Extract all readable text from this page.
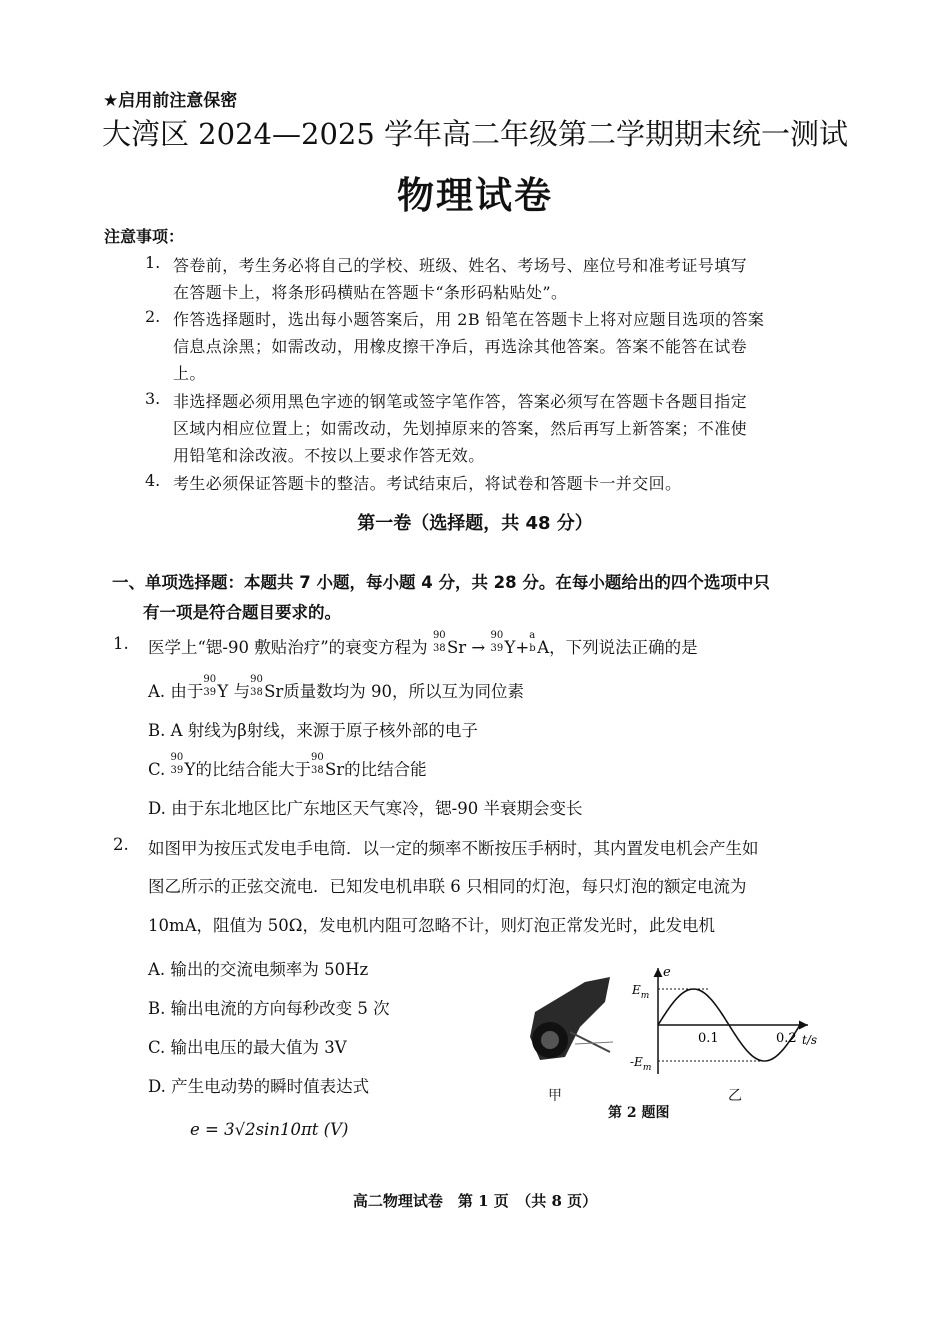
★启用前注意保密
大湾区 2024—2025 学年高二年级第二学期期末统一测试
物理试卷
注意事项：
1. 答卷前，考生务必将自己的学校、班级、姓名、考场号、座位号和准考证号填写
在答题卡上，将条形码横贴在答题卡“条形码粘贴处”。
2. 作答选择题时，选出每小题答案后，用 2B 铅笔在答题卡上将对应题目选项的答案
信息点涂黑；如需改动，用橡皮擦干净后，再选涂其他答案。答案不能答在试卷
上。
3. 非选择题必须用黑色字迹的钢笔或签字笔作答，答案必须写在答题卡各题目指定
区域内相应位置上；如需改动，先划掉原来的答案，然后再写上新答案；不准使
用铅笔和涂改液。不按以上要求作答无效。
4. 考生必须保证答题卡的整洁。考试结束后，将试卷和答题卡一并交回。
第一卷（选择题，共 48 分）
一、单项选择题：本题共 7 小题，每小题 4 分，共 28 分。在每小题给出的四个选项中只
有一项是符合题目要求的。
1. 医学上“锶-90 敷贴治疗”的衰变方程为
90
38 Sr →
90
39 Y+
a
b A，下列说法正确的是
A. 由于
90
39 Y 与
90
38 Sr质量数均为 90，所以互为同位素
B. A 射线为β射线，来源于原子核外部的电子
C.
90
39 Y的比结合能大于
90
38 Sr的比结合能
D. 由于东北地区比广东地区天气寒冷，锶-90 半衰期会变长
2. 如图甲为按压式发电手电筒．以一定的频率不断按压手柄时，其内置发电机会产生如
图乙所示的正弦交流电．已知发电机串联 6 只相同的灯泡，每只灯泡的额定电流为
10mA，阻值为 50Ω，发电机内阻可忽略不计，则灯泡正常发光时，此发电机
A. 输出的交流电频率为 50Hz
B. 输出电流的方向每秒改变 5 次
C. 输出电压的最大值为 3V
D. 产生电动势的瞬时值表达式
e = 3√2sin10πt (V)
甲
第 2 题图
乙
e
$E_m$
$-E_m$
0.1	0.2 t/s
高二物理试卷　第 1 页　（共 8 页）
